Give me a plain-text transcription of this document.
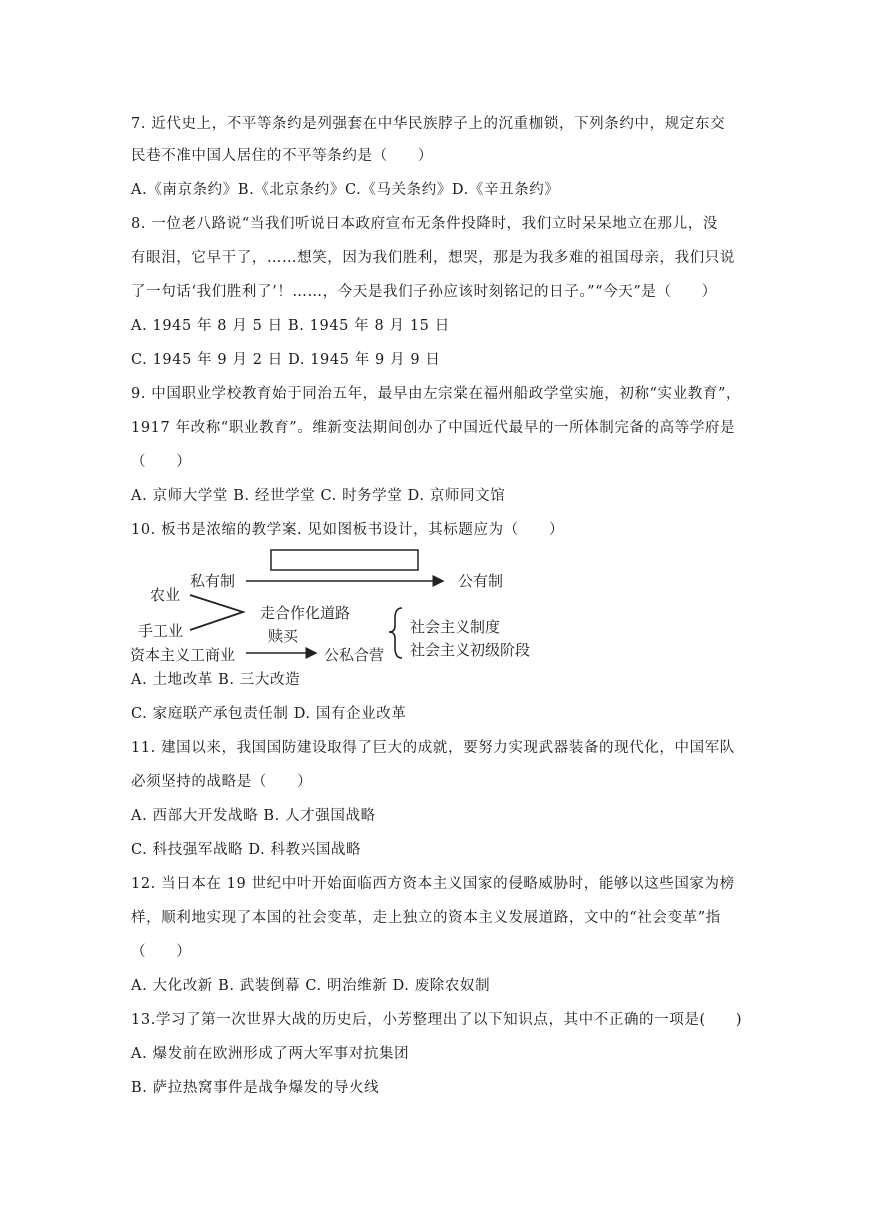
7. 近代史上，不平等条约是列强套在中华民族脖子上的沉重枷锁，下列条约中，规定东交
民巷不准中国人居住的不平等条约是（　　）
A.《南京条约》B.《北京条约》C.《马关条约》D.《辛丑条约》
8. 一位老八路说“当我们听说日本政府宣布无条件投降时，我们立时呆呆地立在那儿，没
有眼泪，它早干了，……想笑，因为我们胜利，想哭，那是为我多难的祖国母亲，我们只说
了一句话‘我们胜利了’！……，今天是我们子孙应该时刻铭记的日子。”“今天”是（　　）
A. 1945 年 8 月 5 日 B. 1945 年 8 月 15 日
C. 1945 年 9 月 2 日 D. 1945 年 9 月 9 日
9. 中国职业学校教育始于同治五年，最早由左宗棠在福州船政学堂实施，初称“实业教育”，
1917 年改称“职业教育”。维新变法期间创办了中国近代最早的一所体制完备的高等学府是
（　　）
A. 京师大学堂 B. 经世学堂 C. 时务学堂 D. 京师同文馆
10. 板书是浓缩的教学案. 见如图板书设计，其标题应为（　　）
私有制	公有制
农业
手工业
走合作化道路
赎买
资本主义工商业	公私合营
社会主义制度
社会主义初级阶段
A. 土地改革 B. 三大改造
C. 家庭联产承包责任制 D. 国有企业改革
11. 建国以来，我国国防建设取得了巨大的成就，要努力实现武器装备的现代化，中国军队
必须坚持的战略是（　　）
A. 西部大开发战略 B. 人才强国战略
C. 科技强军战略 D. 科教兴国战略
12. 当日本在 19 世纪中叶开始面临西方资本主义国家的侵略威胁时，能够以这些国家为榜
样，顺利地实现了本国的社会变革，走上独立的资本主义发展道路，文中的“社会变革”指
（　　）
A. 大化改新 B. 武装倒幕 C. 明治维新 D. 废除农奴制
13.学习了第一次世界大战的历史后，小芳整理出了以下知识点，其中不正确的一项是(　　)
A. 爆发前在欧洲形成了两大军事对抗集团
B. 萨拉热窝事件是战争爆发的导火线
